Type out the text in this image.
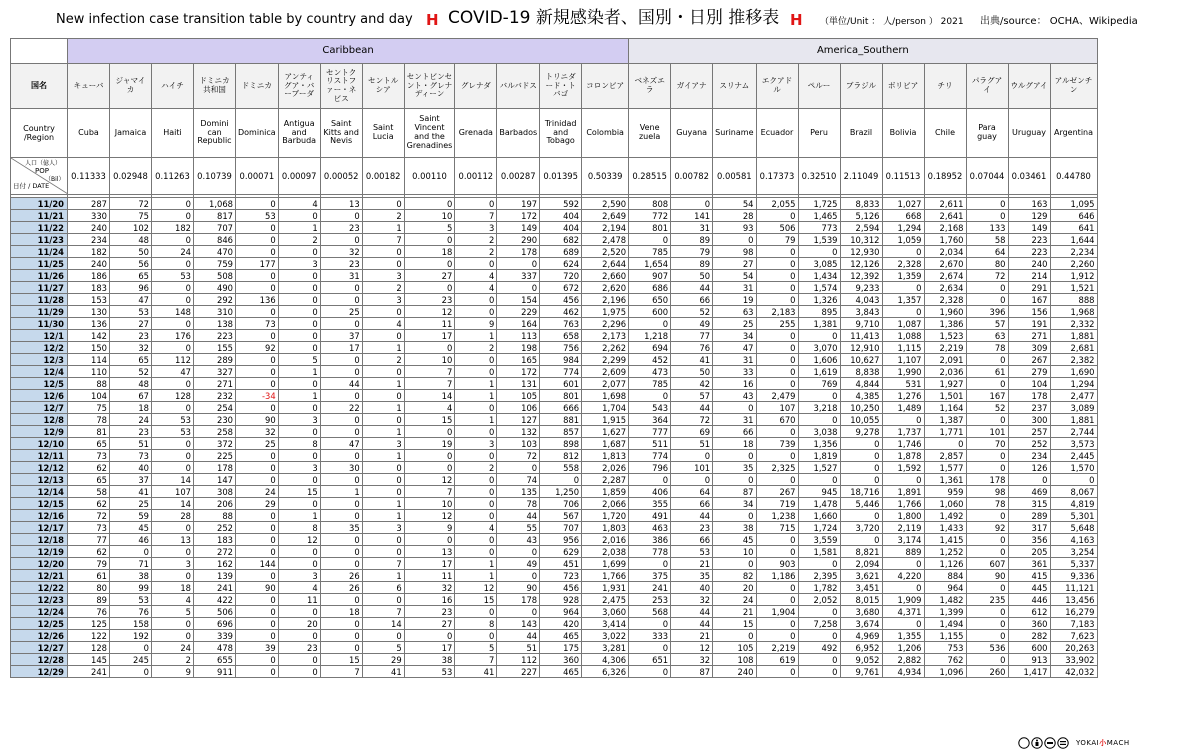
New infection case transition table by country and day H COVID-19 新規感染者、国別・日別 推移表 H （単位/Unit ： 人/person ） 2021 出典/source： OCHA、Wikipedia
	Caribbean													America_Southern										
国名	キューバ	ジャマイカ	ハイチ	ドミニカ共和国	ドミニカ	アンティグア・バーブーダ	セントクリストファー・ネビス	セントルシア	セントビンセント・グレナディーン	グレナダ	バルバドス	トリニダード・トバゴ	コロンビア	ベネズエラ	ガイアナ	スリナム	エクアドル	ペルー	ブラジル	ボリビア	チリ	パラグアイ	ウルグアイ	アルゼンチン
Country /Region	Cuba	Jamaica	Haiti	Domini can Republic	Dominica	Antigua and Barbuda	Saint Kitts and Nevis	Saint Lucia	Saint Vincent and the Grenadines	Grenada	Barbados	Trinidad and Tobago	Colombia	Vene zuela	Guyana	Suriname	Ecuador	Peru	Brazil	Bolivia	Chile	Para guay	Uruguay	Argentina

人口（億人）
POP
（Bil）
日付 / DATE	0.11333	0.02948	0.11263	0.10739	0.00071	0.00097	0.00052	0.00182	0.00110	0.00112	0.00287	0.01395	0.50339	0.28515	0.00782	0.00581	0.17373	0.32510	2.11049	0.11513	0.18952	0.07044	0.03461	0.44780

11/20	287	72	0	1,068	0	4	13	0	0	0	197	592	2,590	808	0	54	2,055	1,725	8,833	1,027	2,611	0	163	1,095
11/21	330	75	0	817	53	0	0	2	10	7	172	404	2,649	772	141	28	0	1,465	5,126	668	2,641	0	129	646
11/22	240	102	182	707	0	1	23	1	5	3	149	404	2,194	801	31	93	506	773	2,594	1,294	2,168	133	149	641
11/23	234	48	0	846	0	2	0	7	0	2	290	682	2,478	0	89	0	79	1,539	10,312	1,059	1,760	58	223	1,644
11/24	182	50	24	470	0	0	32	0	18	2	178	689	2,520	785	79	98	0	0	12,930	0	2,034	64	223	2,234
11/25	240	56	0	759	177	3	23	0	0	0	0	624	2,644	1,654	89	27	0	3,085	12,126	2,328	2,670	80	240	2,260
11/26	186	65	53	508	0	0	31	3	27	4	337	720	2,660	907	50	54	0	1,434	12,392	1,359	2,674	72	214	1,912
11/27	183	96	0	490	0	0	0	2	0	4	0	672	2,620	686	44	31	0	1,574	9,233	0	2,634	0	291	1,521
11/28	153	47	0	292	136	0	0	3	23	0	154	456	2,196	650	66	19	0	1,326	4,043	1,357	2,328	0	167	888
11/29	130	53	148	310	0	0	25	0	12	0	229	462	1,975	600	52	63	2,183	895	3,843	0	1,960	396	156	1,968
11/30	136	27	0	138	73	0	0	4	11	9	164	763	2,296	0	49	25	255	1,381	9,710	1,087	1,386	57	191	2,332
12/1	142	23	176	223	0	0	37	0	17	1	113	658	2,173	1,218	77	34	0	0	11,413	1,088	1,523	63	271	1,881
12/2	150	32	0	155	92	0	17	1	0	2	198	756	2,262	694	76	47	0	3,070	12,910	1,115	2,219	78	309	2,681
12/3	114	65	112	289	0	5	0	2	10	0	165	984	2,299	452	41	31	0	1,606	10,627	1,107	2,091	0	267	2,382
12/4	110	52	47	327	0	1	0	0	7	0	172	774	2,609	473	50	33	0	1,619	8,838	1,990	2,036	61	279	1,690
12/5	88	48	0	271	0	0	44	1	7	1	131	601	2,077	785	42	16	0	769	4,844	531	1,927	0	104	1,294
12/6	104	67	128	232	-34	1	0	0	14	1	105	801	1,698	0	57	43	2,479	0	4,385	1,276	1,501	167	178	2,477
12/7	75	18	0	254	0	0	22	1	4	0	106	666	1,704	543	44	0	107	3,218	10,250	1,489	1,164	52	237	3,089
12/8	78	24	53	230	90	3	0	0	15	1	127	881	1,915	364	72	31	670	0	10,055	0	1,387	0	300	1,881
12/9	81	23	53	258	32	0	0	1	0	0	132	857	1,627	777	69	66	0	3,038	9,278	1,737	1,771	101	257	2,744
12/10	65	51	0	372	25	8	47	3	19	3	103	898	1,687	511	51	18	739	1,356	0	1,746	0	70	252	3,573
12/11	73	73	0	225	0	0	0	1	0	0	72	812	1,813	774	0	0	0	1,819	0	1,878	2,857	0	234	2,445
12/12	62	40	0	178	0	3	30	0	0	2	0	558	2,026	796	101	35	2,325	1,527	0	1,592	1,577	0	126	1,570
12/13	65	37	14	147	0	0	0	0	12	0	74	0	2,287	0	0	0	0	0	0	0	1,361	178	0	0
12/14	58	41	107	308	24	15	1	0	7	0	135	1,250	1,859	406	64	87	267	945	18,716	1,891	959	98	469	8,067
12/15	62	25	14	206	29	0	0	1	10	0	78	706	2,066	355	66	34	719	1,478	5,446	1,766	1,060	78	315	4,819
12/16	72	59	28	88	0	1	0	1	12	0	44	567	1,720	491	44	0	1,238	1,660	0	1,800	1,492	0	289	5,301
12/17	73	45	0	252	0	8	35	3	9	4	55	707	1,803	463	23	38	715	1,724	3,720	2,119	1,433	92	317	5,648
12/18	77	46	13	183	0	12	0	0	0	0	43	956	2,016	386	66	45	0	3,559	0	3,174	1,415	0	356	4,163
12/19	62	0	0	272	0	0	0	0	13	0	0	629	2,038	778	53	10	0	1,581	8,821	889	1,252	0	205	3,254
12/20	79	71	3	162	144	0	0	7	17	1	49	451	1,699	0	21	0	903	0	2,094	0	1,126	607	361	5,337
12/21	61	38	0	139	0	3	26	1	11	1	0	723	1,766	375	35	82	1,186	2,395	3,621	4,220	884	90	415	9,336
12/22	80	99	18	241	90	4	26	6	32	12	90	456	1,931	241	40	20	0	1,782	3,451	0	964	0	445	11,121
12/23	89	53	4	422	0	11	0	0	16	15	178	928	2,475	253	32	24	0	2,052	8,015	1,909	1,482	235	446	13,456
12/24	76	76	5	506	0	0	18	7	23	0	0	964	3,060	568	44	21	1,904	0	3,680	4,371	1,399	0	612	16,279
12/25	125	158	0	696	0	20	0	14	27	8	143	420	3,414	0	44	15	0	7,258	3,674	0	1,494	0	360	7,183
12/26	122	192	0	339	0	0	0	0	0	0	44	465	3,022	333	21	0	0	0	4,969	1,355	1,155	0	282	7,623
12/27	128	0	24	478	39	23	0	5	17	5	51	175	3,281	0	12	105	2,219	492	6,952	1,206	753	536	600	20,263
12/28	145	245	2	655	0	0	15	29	38	7	112	360	4,306	651	32	108	619	0	9,052	2,882	762	0	913	33,902
12/29	241	0	9	911	0	0	7	41	53	41	227	465	6,326	0	87	240	0	0	9,761	4,934	1,096	260	1,417	42,032
YOKAI小MACH
